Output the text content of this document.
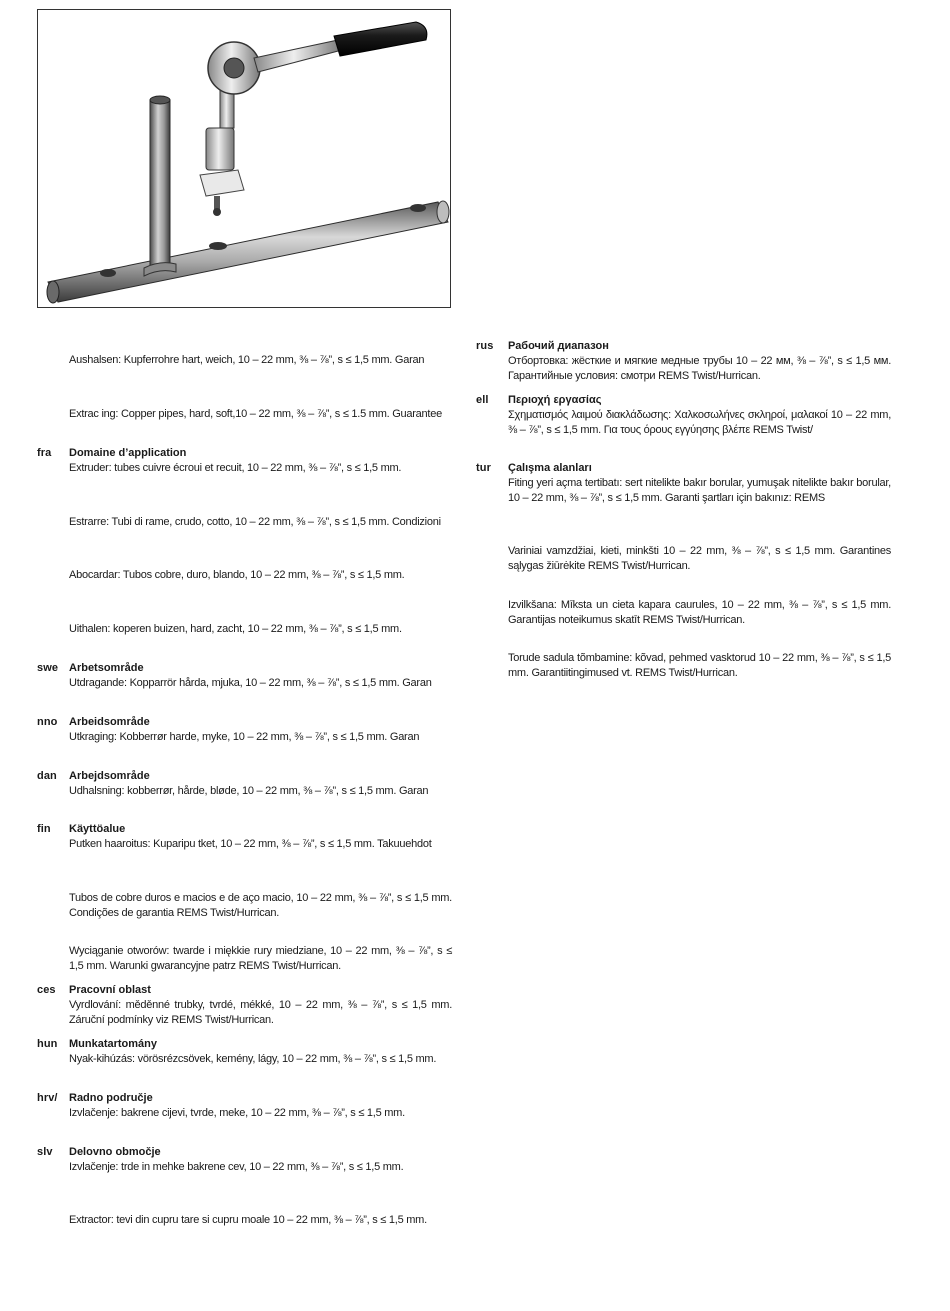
Aushalsen: Kupferrohre hart, weich, 10 – 22 mm, ⅜ – ⅞”, s ≤ 1,5 mm. Garan
Extrac ing: Copper pipes, hard, soft,10 – 22 mm, ⅜ – ⅞”, s ≤ 1.5 mm. Guarantee
fra	Domaine d’application
Extruder: tubes cuivre écroui et recuit, 10 – 22 mm, ⅜ – ⅞”, s ≤ 1,5 mm.
Estrarre: Tubi di rame, crudo, cotto, 10 – 22 mm, ⅜ – ⅞”, s ≤ 1,5 mm. Condizioni
Abocardar: Tubos cobre, duro, blando, 10 – 22 mm, ⅜ – ⅞”, s ≤ 1,5 mm.
Uithalen: koperen buizen, hard, zacht, 10 – 22 mm, ⅜ – ⅞”, s ≤ 1,5 mm.
swe Arbetsområde
Utdragande: Kopparrör hårda, mjuka, 10 – 22 mm, ⅜ – ⅞”, s ≤ 1,5 mm. Garan
nno	Arbeidsområde
Utkraging: Kobberrør harde, myke, 10 – 22 mm, ⅜ – ⅞”, s ≤ 1,5 mm. Garan
dan	Arbejdsområde
Udhalsning: kobberrør, hårde, bløde, 10 – 22 mm, ⅜ – ⅞”, s ≤ 1,5 mm. Garan
fin	Käyttöalue
Putken haaroitus: Kuparipu tket, 10 – 22 mm, ⅜ – ⅞”, s ≤ 1,5 mm. Takuuehdot
Tubos de cobre duros e macios e de aço macio, 10 – 22 mm, ⅜ – ⅞”, s ≤ 1,5 mm. Condições de garantia REMS Twist/Hurrican.
Wyciąganie otworów: twarde i miękkie rury miedziane, 10 – 22 mm, ⅜ – ⅞”, s ≤ 1,5 mm. Warunki gwarancyjne patrz REMS Twist/Hurrican.
ces	Pracovní oblast
Vyrdlování: měděnné trubky, tvrdé, mékké, 10 – 22 mm, ⅜ – ⅞”, s ≤ 1,5 mm. Záruční podmínky viz REMS Twist/Hurrican.
hun	Munkatartomány
Nyak-kihúzás: vörösrézcsövek, kemény, lágy, 10 – 22 mm, ⅜ – ⅞”, s ≤ 1,5 mm.
hrv/	Radno područje
Izvlačenje: bakrene cijevi, tvrde, meke, 10 – 22 mm, ⅜ – ⅞”, s ≤ 1,5 mm.
slv	Delovno območje
Izvlačenje: trde in mehke bakrene cev, 10 – 22 mm, ⅜ – ⅞”, s ≤ 1,5 mm.
Extractor: tevi din cupru tare si cupru moale 10 – 22 mm, ⅜ – ⅞”, s ≤ 1,5 mm.
rus	Рабочий диапазон
Отбортовка: жёсткие и мягкие медные трубы 10 – 22 мм, ⅜ – ⅞”, s ≤ 1,5 мм. Гарантийные условия: смотри REMS Twist/Hurrican.
ell	Περιοχή εργασίας
Σχηματισμός λαιμού διακλάδωσης: Χαλκοσωλήνες σκληροί, μαλακοί 10 – 22 mm, ⅜ – ⅞”, s ≤ 1,5 mm. Για τους όρους εγγύησης βλέπε REMS Twist/
tur	Çalışma alanları
Fiting yeri açma tertibatı: sert nitelikte bakır borular, yumuşak nitelikte bakır borular, 10 – 22 mm, ⅜ – ⅞”, s ≤ 1,5 mm. Garanti şartları için bakınız: REMS
Variniai vamzdžiai, kieti, minkšti 10 – 22 mm, ⅜ – ⅞”, s ≤ 1,5 mm. Garantines sąlygas žiūrėkite REMS Twist/Hurrican.
Izvilkšana: Mīksta un cieta kapara caurules, 10 – 22 mm, ⅜ – ⅞”, s ≤ 1,5 mm. Garantijas noteikumus skatīt REMS Twist/Hurrican.
Torude sadula tõmbamine: kõvad, pehmed vasktorud 10 – 22 mm, ⅜ – ⅞”, s ≤ 1,5 mm. Garantiitingimused vt. REMS Twist/Hurrican.
